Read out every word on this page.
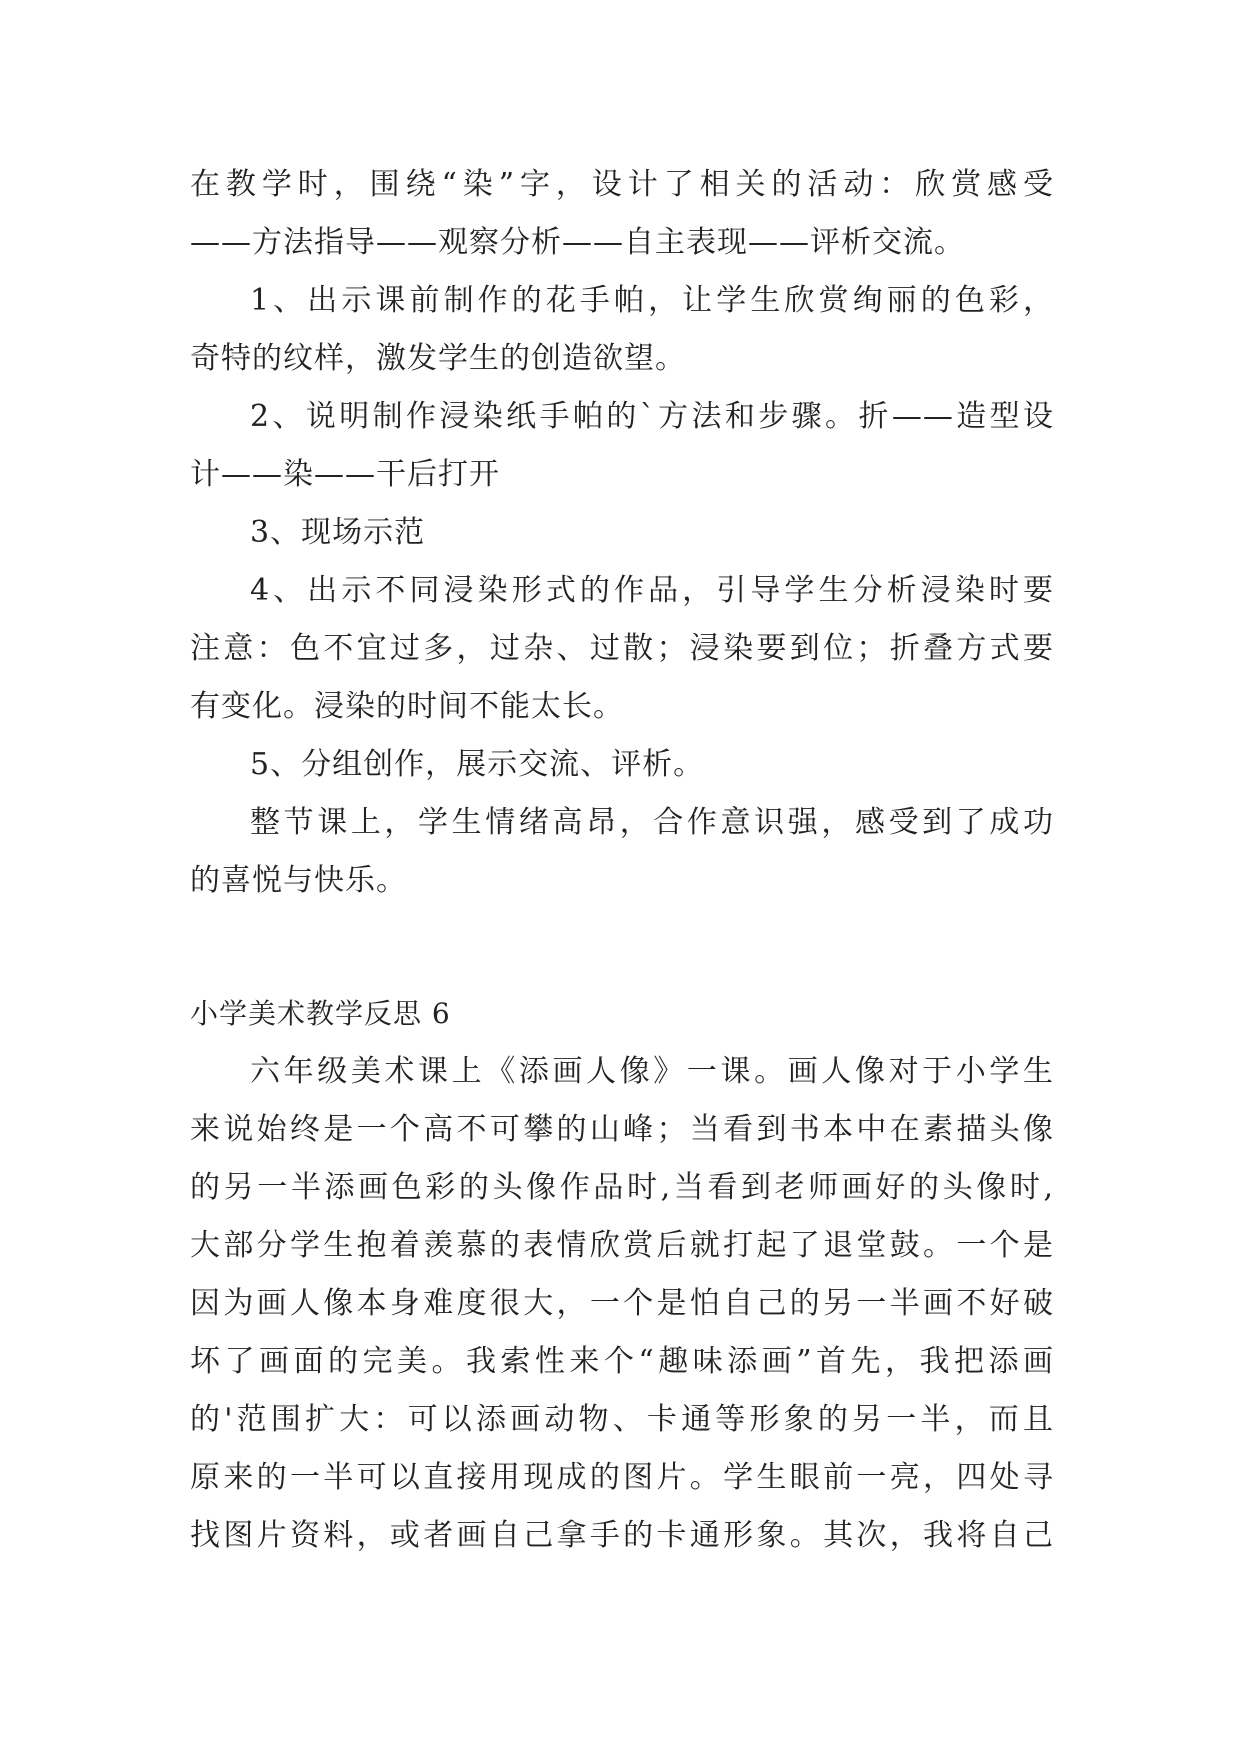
在教学时，围绕“染”字，设计了相关的活动：欣赏感受
——方法指导——观察分析——自主表现——评析交流。
1、出示课前制作的花手帕，让学生欣赏绚丽的色彩，
奇特的纹样，激发学生的创造欲望。
2、说明制作浸染纸手帕的`方法和步骤。折——造型设
计——染——干后打开
3、现场示范
4、出示不同浸染形式的作品，引导学生分析浸染时要
注意：色不宜过多，过杂、过散；浸染要到位；折叠方式要
有变化。浸染的时间不能太长。
5、分组创作，展示交流、评析。
整节课上，学生情绪高昂，合作意识强，感受到了成功
的喜悦与快乐。
小学美术教学反思 6
六年级美术课上《添画人像》一课。画人像对于小学生
来说始终是一个高不可攀的山峰；当看到书本中在素描头像
的另一半添画色彩的头像作品时,当看到老师画好的头像时,
大部分学生抱着羡慕的表情欣赏后就打起了退堂鼓。一个是
因为画人像本身难度很大，一个是怕自己的另一半画不好破
坏了画面的完美。我索性来个“趣味添画”首先，我把添画
的'范围扩大：可以添画动物、卡通等形象的另一半，而且
原来的一半可以直接用现成的图片。学生眼前一亮，四处寻
找图片资料，或者画自己拿手的卡通形象。其次，我将自己
